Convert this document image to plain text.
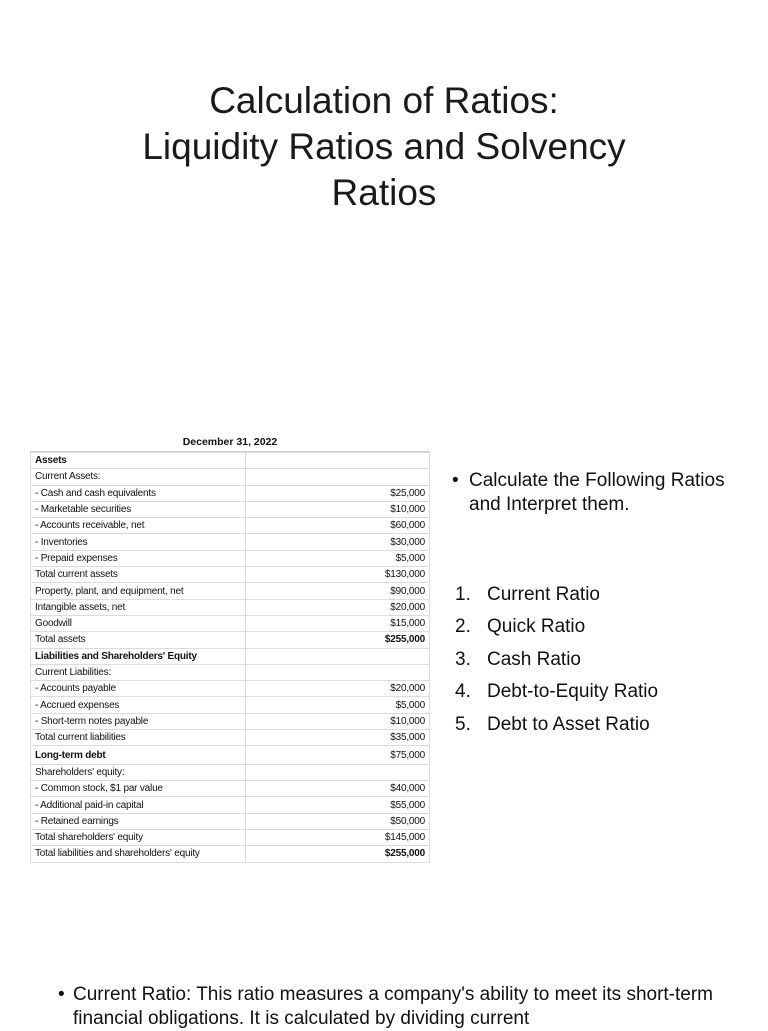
Calculation of Ratios:
Liquidity Ratios and Solvency
Ratios
December 31, 2022
Assets	
Current Assets:	
- Cash and cash equivalents	$25,000
- Marketable securities	$10,000
- Accounts receivable, net	$60,000
- Inventories	$30,000
- Prepaid expenses	$5,000
Total current assets	$130,000
Property, plant, and equipment, net	$90,000
Intangible assets, net	$20,000
Goodwill	$15,000
Total assets	$255,000
Liabilities and Shareholders' Equity	
Current Liabilities:	
- Accounts payable	$20,000
- Accrued expenses	$5,000
- Short-term notes payable	$10,000
Total current liabilities	$35,000
Long-term debt	$75,000
Shareholders' equity:	
- Common stock, $1 par value	$40,000
- Additional paid-in capital	$55,000
- Retained earnings	$50,000
Total shareholders' equity	$145,000
Total liabilities and shareholders' equity	$255,000
• Calculate the Following Ratios and Interpret them.
1. Current Ratio
2. Quick Ratio
3. Cash Ratio
4. Debt-to-Equity Ratio
5. Debt to Asset Ratio
• Current Ratio: This ratio measures a company's ability to meet its short-term financial obligations. It is calculated by dividing current
